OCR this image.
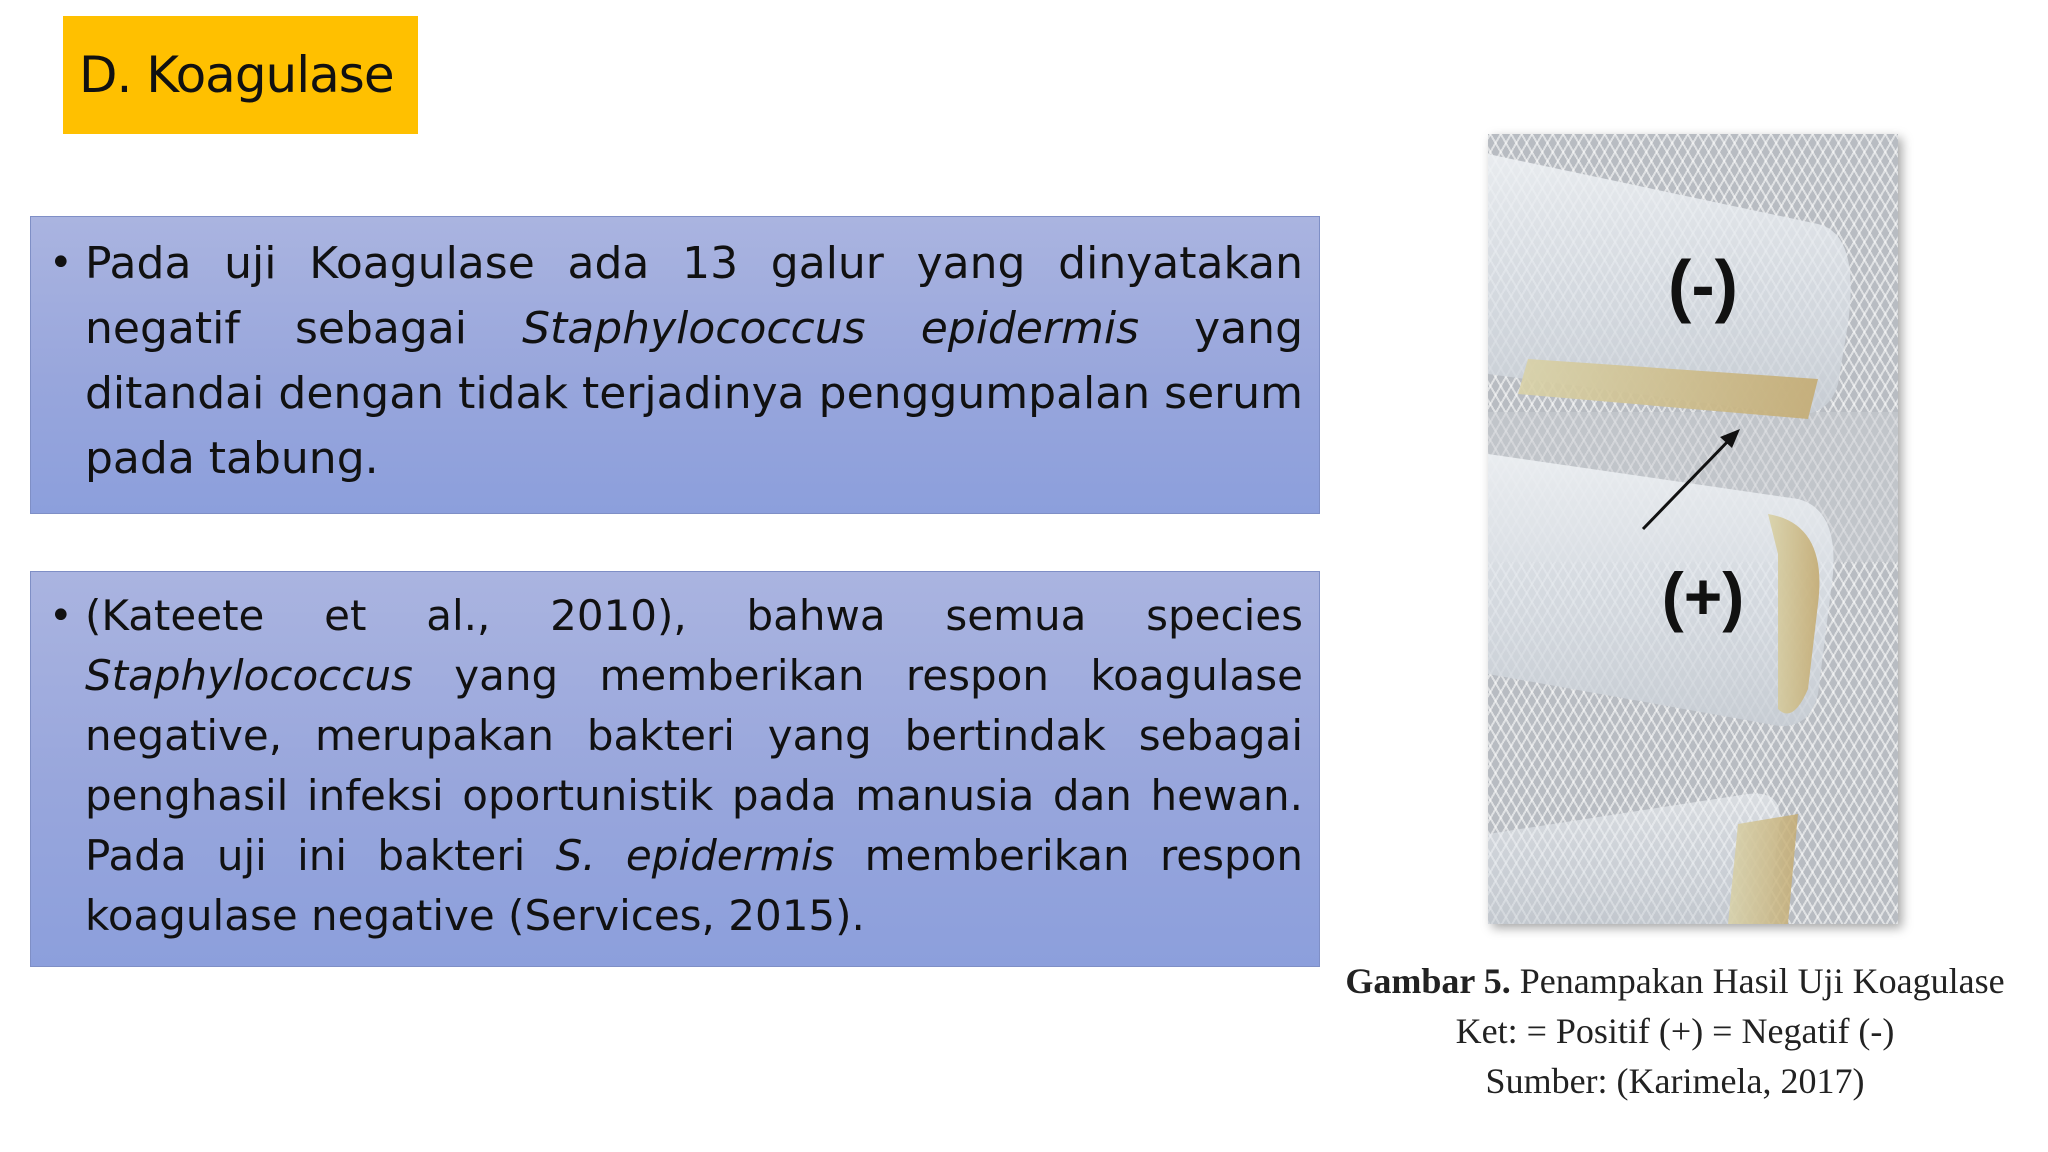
D. Koagulase
• Pada uji Koagulase ada 13 galur yang dinyatakan negatif sebagai Staphylococcus epidermis yang ditandai dengan tidak terjadinya penggumpalan serum pada tabung.
• (Kateete et al., 2010), bahwa semua species Staphylococcus yang memberikan respon koagulase negative, merupakan bakteri yang bertindak sebagai penghasil infeksi oportunistik pada manusia dan hewan. Pada uji ini bakteri S. epidermis memberikan respon koagulase negative (Services, 2015).
(-)
(+)
Gambar 5. Penampakan Hasil Uji Koagulase
Ket: = Positif (+) = Negatif (-)
Sumber: (Karimela, 2017)
